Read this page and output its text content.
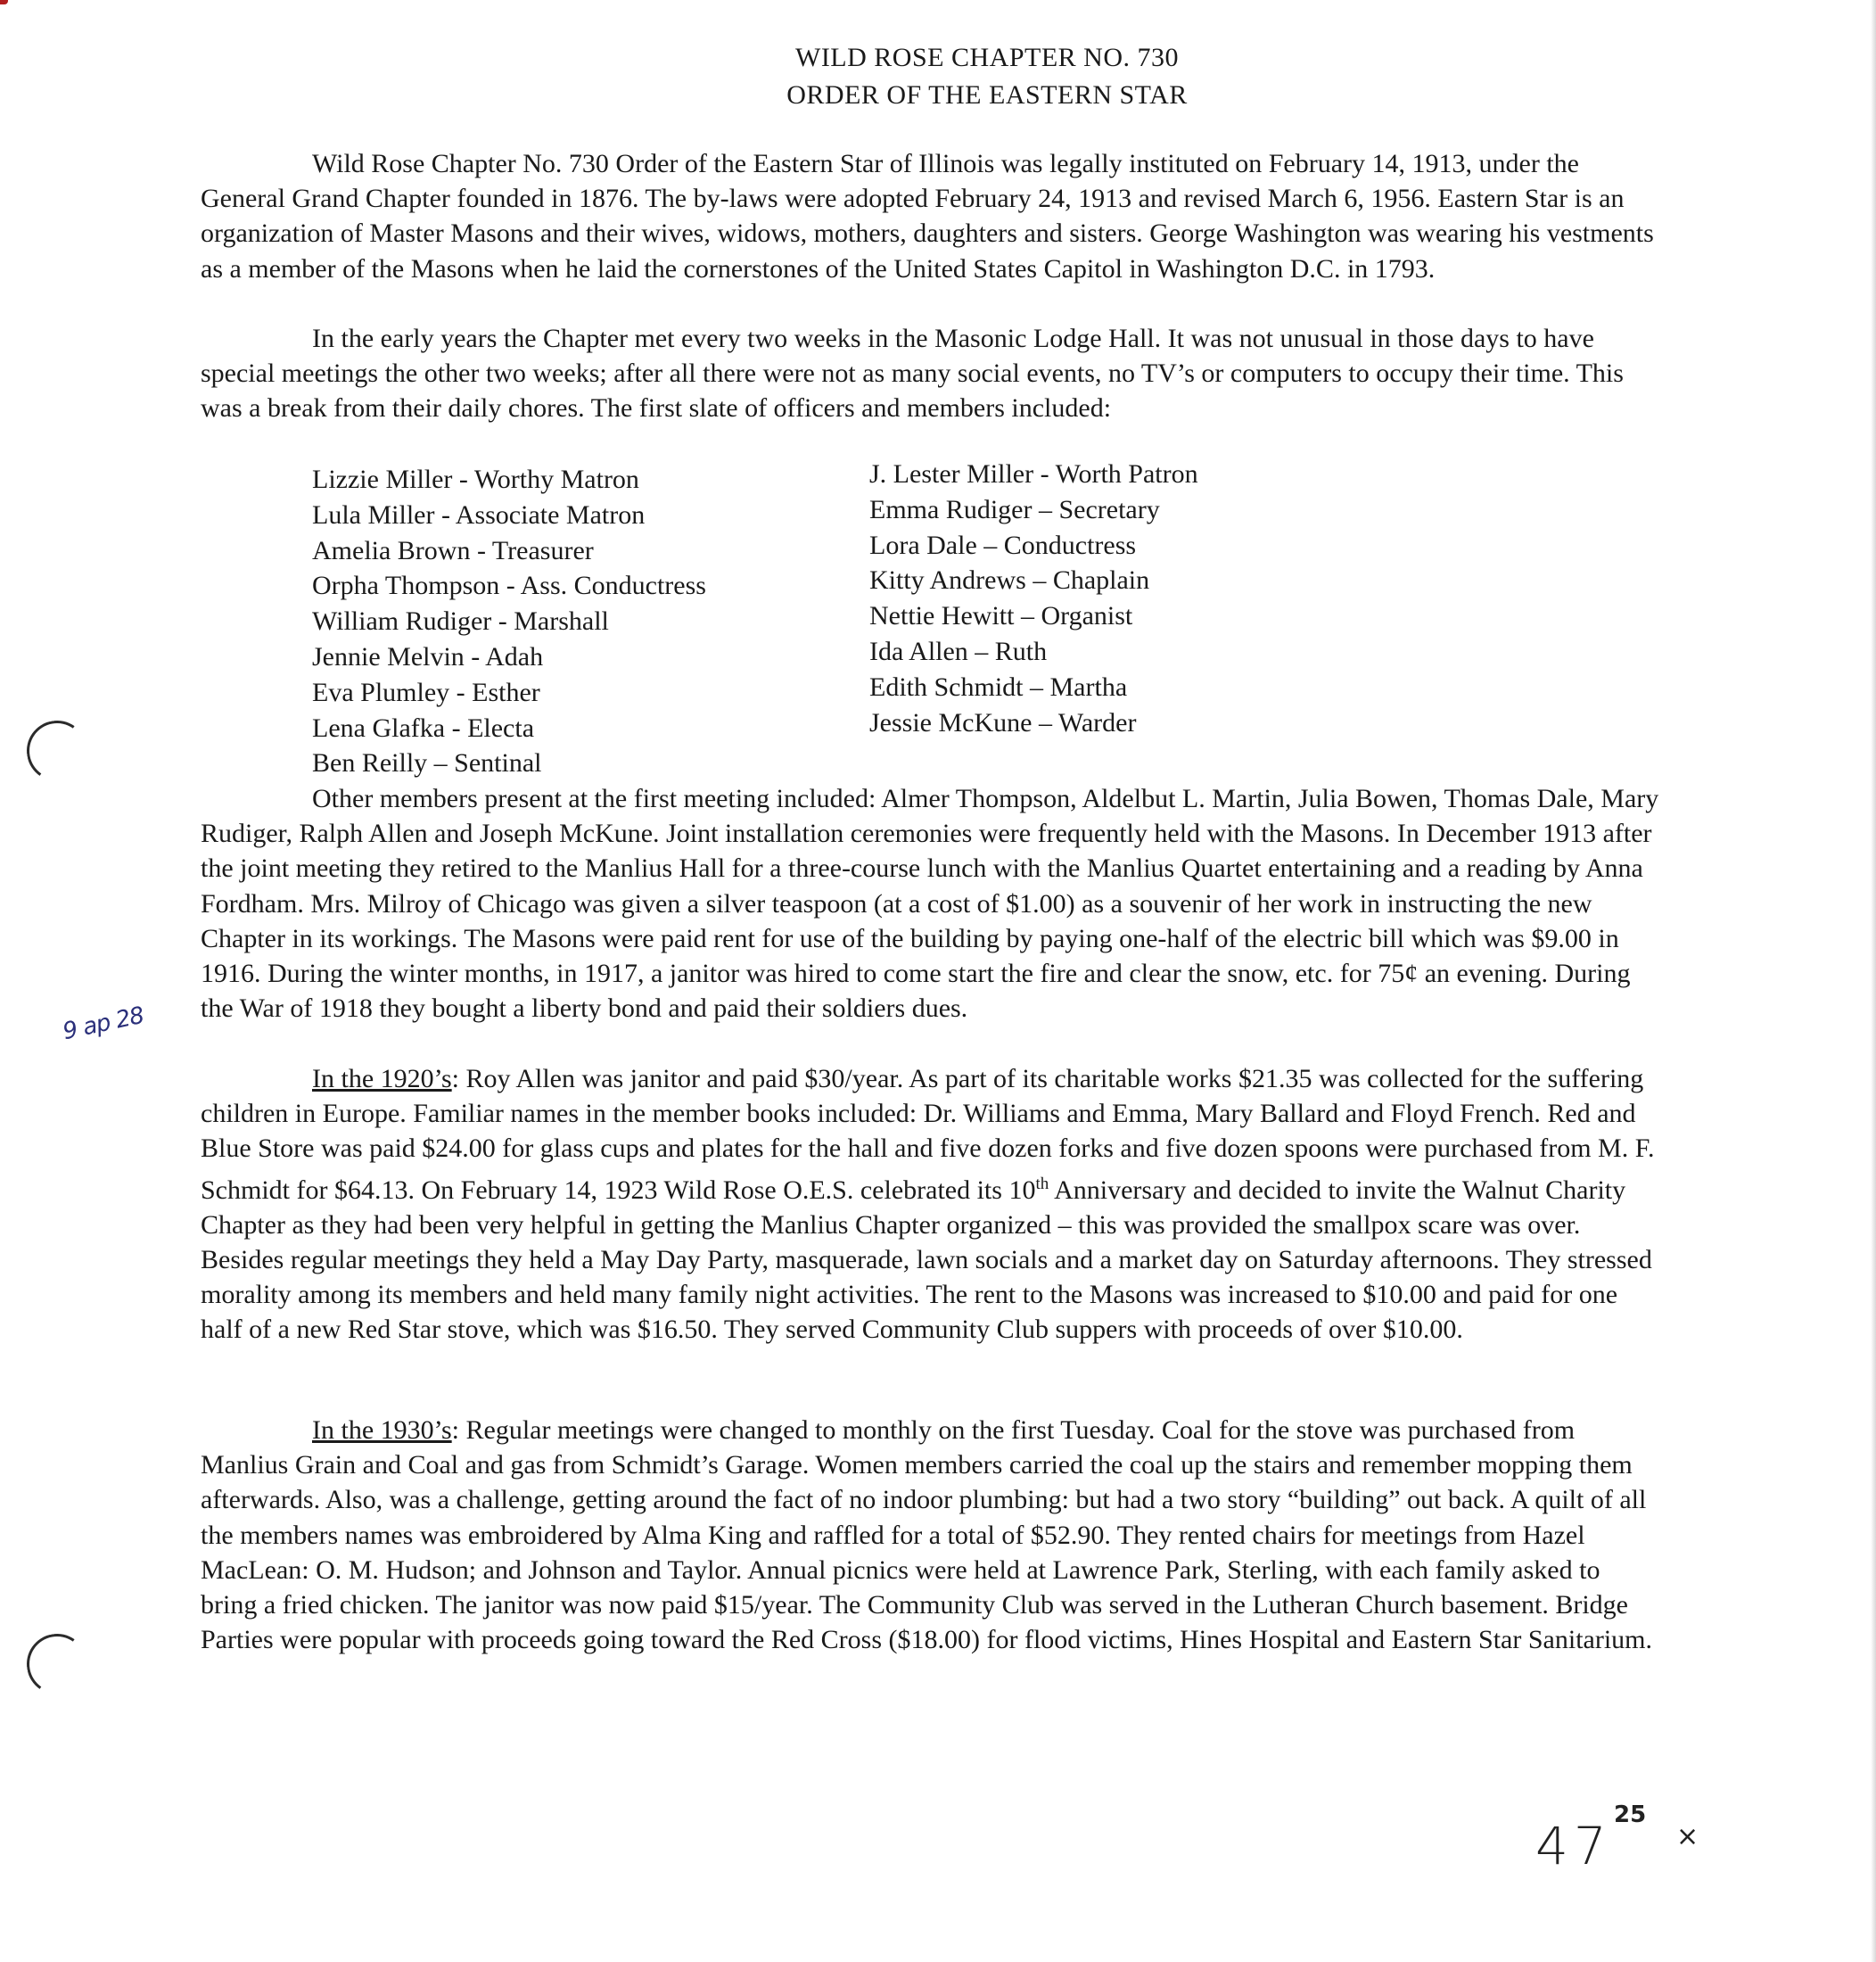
WILD ROSE CHAPTER NO. 730
ORDER OF THE EASTERN STAR
Wild Rose Chapter No. 730 Order of the Eastern Star of Illinois was legally instituted on February 14, 1913, under the General Grand Chapter founded in 1876. The by-laws were adopted February 24, 1913 and revised March 6, 1956. Eastern Star is an organization of Master Masons and their wives, widows, mothers, daughters and sisters. George Washington was wearing his vestments as a member of the Masons when he laid the cornerstones of the United States Capitol in Washington D.C. in 1793.
In the early years the Chapter met every two weeks in the Masonic Lodge Hall. It was not unusual in those days to have special meetings the other two weeks; after all there were not as many social events, no TV’s or computers to occupy their time. This was a break from their daily chores. The first slate of officers and members included:
Lizzie Miller - Worthy Matron
Lula Miller - Associate Matron
Amelia Brown - Treasurer
Orpha Thompson - Ass. Conductress
William Rudiger - Marshall
Jennie Melvin - Adah
Eva Plumley - Esther
Lena Glafka - Electa
Ben Reilly – Sentinal
J. Lester Miller - Worth Patron
Emma Rudiger – Secretary
Lora Dale – Conductress
Kitty Andrews – Chaplain
Nettie Hewitt – Organist
Ida Allen – Ruth
Edith Schmidt – Martha
Jessie McKune – Warder
Other members present at the first meeting included: Almer Thompson, Aldelbut L. Martin, Julia Bowen, Thomas Dale, Mary Rudiger, Ralph Allen and Joseph McKune. Joint installation ceremonies were frequently held with the Masons. In December 1913 after the joint meeting they retired to the Manlius Hall for a three-course lunch with the Manlius Quartet entertaining and a reading by Anna Fordham. Mrs. Milroy of Chicago was given a silver teaspoon (at a cost of $1.00) as a souvenir of her work in instructing the new Chapter in its workings. The Masons were paid rent for use of the building by paying one-half of the electric bill which was $9.00 in 1916. During the winter months, in 1917, a janitor was hired to come start the fire and clear the snow, etc. for 75¢ an evening. During the War of 1918 they bought a liberty bond and paid their soldiers dues.
In the 1920’s: Roy Allen was janitor and paid $30/year. As part of its charitable works $21.35 was collected for the suffering children in Europe. Familiar names in the member books included: Dr. Williams and Emma, Mary Ballard and Floyd French. Red and Blue Store was paid $24.00 for glass cups and plates for the hall and five dozen forks and five dozen spoons were purchased from M. F. Schmidt for $64.13. On February 14, 1923 Wild Rose O.E.S. celebrated its 10th Anniversary and decided to invite the Walnut Charity Chapter as they had been very helpful in getting the Manlius Chapter organized – this was provided the smallpox scare was over. Besides regular meetings they held a May Day Party, masquerade, lawn socials and a market day on Saturday afternoons. They stressed morality among its members and held many family night activities. The rent to the Masons was increased to $10.00 and paid for one half of a new Red Star stove, which was $16.50. They served Community Club suppers with proceeds of over $10.00.
In the 1930’s: Regular meetings were changed to monthly on the first Tuesday. Coal for the stove was purchased from Manlius Grain and Coal and gas from Schmidt’s Garage. Women members carried the coal up the stairs and remember mopping them afterwards. Also, was a challenge, getting around the fact of no indoor plumbing: but had a two story “building” out back. A quilt of all the members names was embroidered by Alma King and raffled for a total of $52.90. They rented chairs for meetings from Hazel MacLean: O. M. Hudson; and Johnson and Taylor. Annual picnics were held at Lawrence Park, Sterling, with each family asked to bring a fried chicken. The janitor was now paid $15/year. The Community Club was served in the Lutheran Church basement. Bridge Parties were popular with proceeds going toward the Red Cross ($18.00) for flood victims, Hines Hospital and Eastern Star Sanitarium.
9 ap 28
47
25
×
